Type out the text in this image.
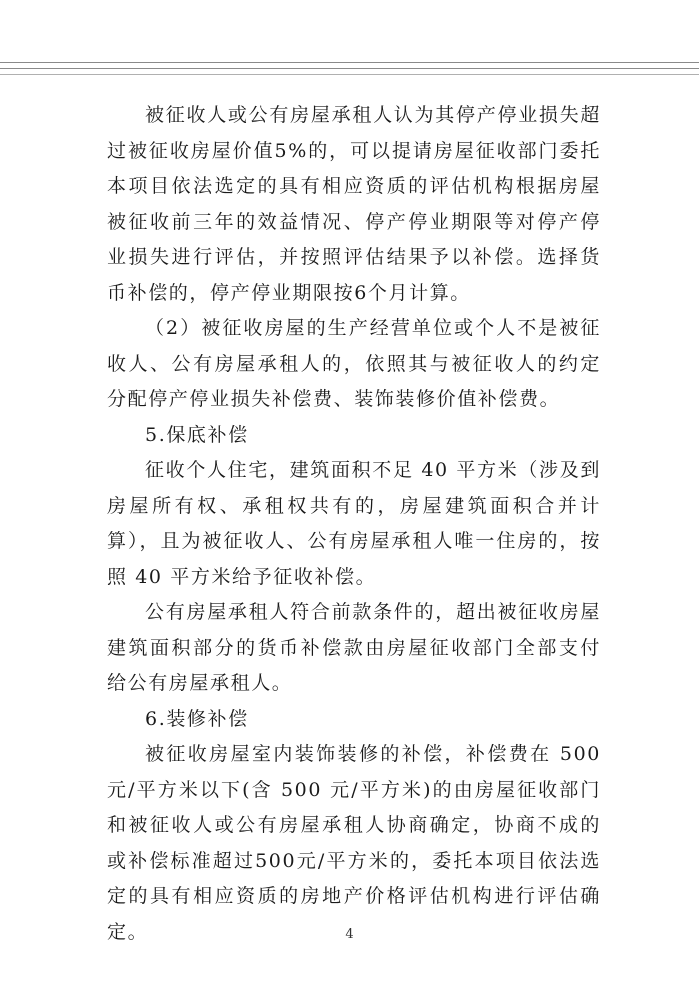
被征收人或公有房屋承租人认为其停产停业损失超过被征收房屋价值5%的，可以提请房屋征收部门委托本项目依法选定的具有相应资质的评估机构根据房屋被征收前三年的效益情况、停产停业期限等对停产停业损失进行评估，并按照评估结果予以补偿。选择货币补偿的，停产停业期限按6个月计算。

（2）被征收房屋的生产经营单位或个人不是被征收人、公有房屋承租人的，依照其与被征收人的约定分配停产停业损失补偿费、装饰装修价值补偿费。

5.保底补偿

征收个人住宅，建筑面积不足 40 平方米（涉及到房屋所有权、承租权共有的，房屋建筑面积合并计算），且为被征收人、公有房屋承租人唯一住房的，按照 40 平方米给予征收补偿。

公有房屋承租人符合前款条件的，超出被征收房屋建筑面积部分的货币补偿款由房屋征收部门全部支付给公有房屋承租人。

6.装修补偿

被征收房屋室内装饰装修的补偿，补偿费在 500 元/平方米以下(含 500 元/平方米)的由房屋征收部门和被征收人或公有房屋承租人协商确定，协商不成的或补偿标准超过500元/平方米的，委托本项目依法选定的具有相应资质的房地产价格评估机构进行评估确定。	4
